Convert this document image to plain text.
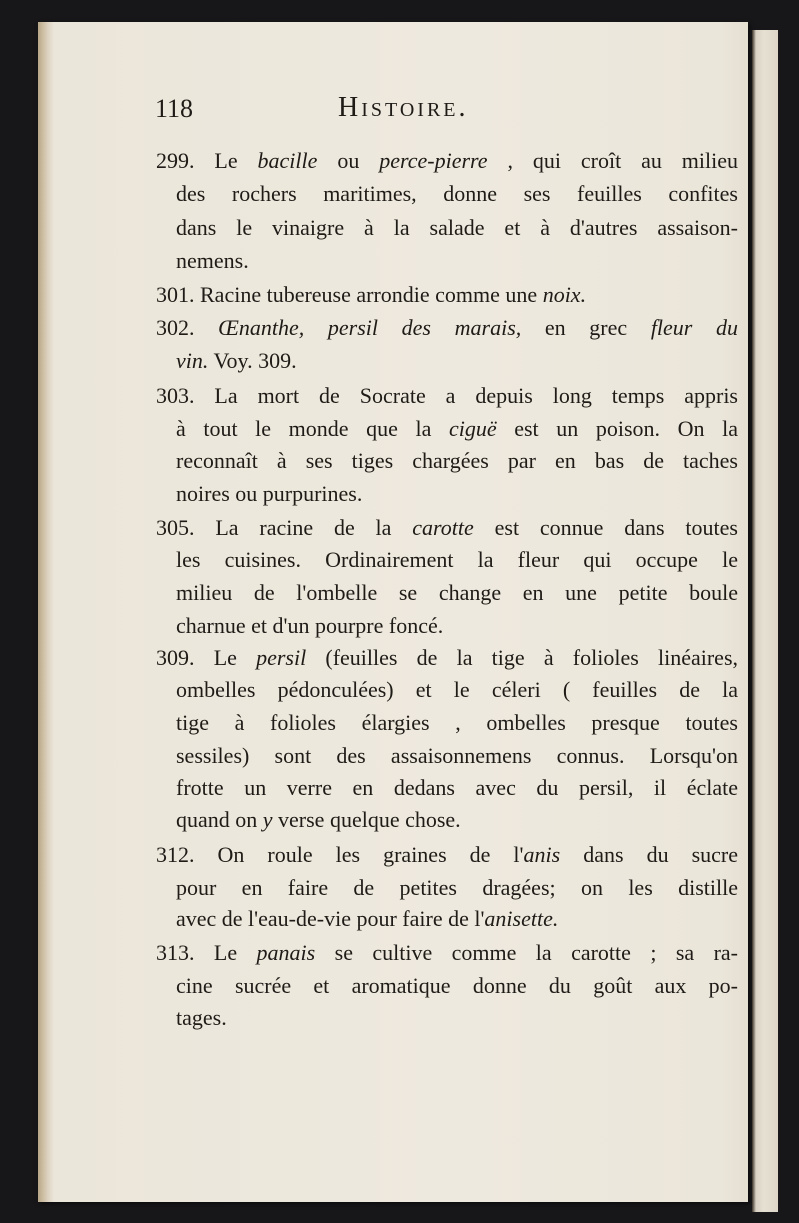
118	Histoire.
299. Le bacille ou perce-pierre , qui croît au milieu
des rochers maritimes, donne ses feuilles confites
dans le vinaigre à la salade et à d'autres assaison-
nemens.
301. Racine tubereuse arrondie comme une noix.
302. Œnanthe, persil des marais, en grec fleur du
vin. Voy. 309.
303. La mort de Socrate a depuis long temps appris
à tout le monde que la ciguë est un poison. On la
reconnaît à ses tiges chargées par en bas de taches
noires ou purpurines.
305. La racine de la carotte est connue dans toutes
les cuisines. Ordinairement la fleur qui occupe le
milieu de l'ombelle se change en une petite boule
charnue et d'un pourpre foncé.
309. Le persil (feuilles de la tige à folioles linéaires,
ombelles pédonculées) et le céleri ( feuilles de la
tige à folioles élargies , ombelles presque toutes
sessiles) sont des assaisonnemens connus. Lorsqu'on
frotte un verre en dedans avec du persil, il éclate
quand on y verse quelque chose.
312. On roule les graines de l'anis dans du sucre
pour en faire de petites dragées; on les distille
avec de l'eau-de-vie pour faire de l'anisette.
313. Le panais se cultive comme la carotte ; sa ra-
cine sucrée et aromatique donne du goût aux po-
tages.
